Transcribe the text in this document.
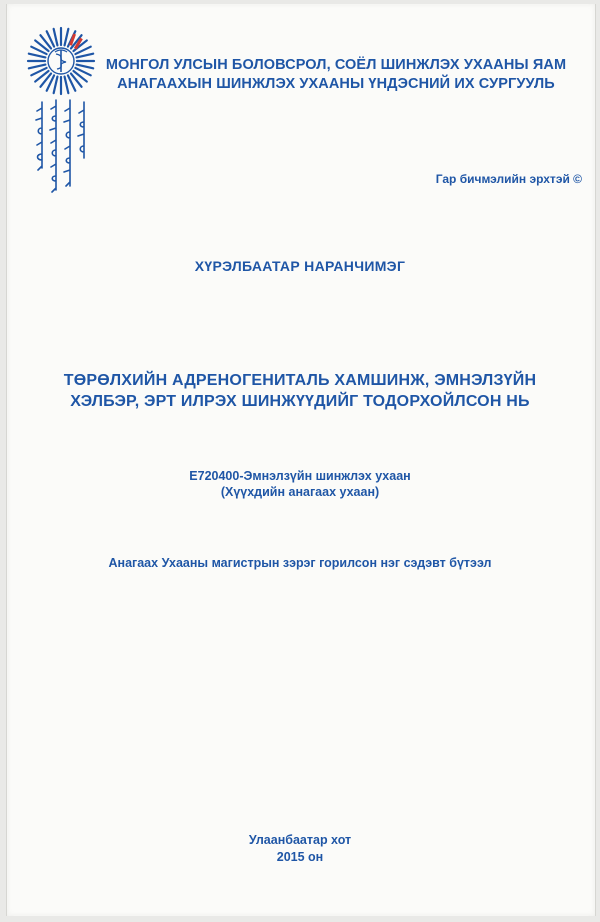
МОНГОЛ УЛСЫН БОЛОВСРОЛ, СОЁЛ ШИНЖЛЭХ УХААНЫ ЯАМ
АНАГААХЫН ШИНЖЛЭХ УХААНЫ ҮНДЭСНИЙ ИХ СУРГУУЛЬ
Гар бичмэлийн эрхтэй ©
ХҮРЭЛБААТАР НАРАНЧИМЭГ
ТӨРӨЛХИЙН АДРЕНОГЕНИТАЛЬ ХАМШИНЖ, ЭМНЭЛЗҮЙН
ХЭЛБЭР, ЭРТ ИЛРЭХ ШИНЖҮҮДИЙГ ТОДОРХОЙЛСОН НЬ
Е720400-Эмнэлзүйн шинжлэх ухаан
(Хүүхдийн анагаах ухаан)
Анагаах Ухааны магистрын зэрэг горилсон нэг сэдэвт бүтээл
Улаанбаатар хот
2015 он
